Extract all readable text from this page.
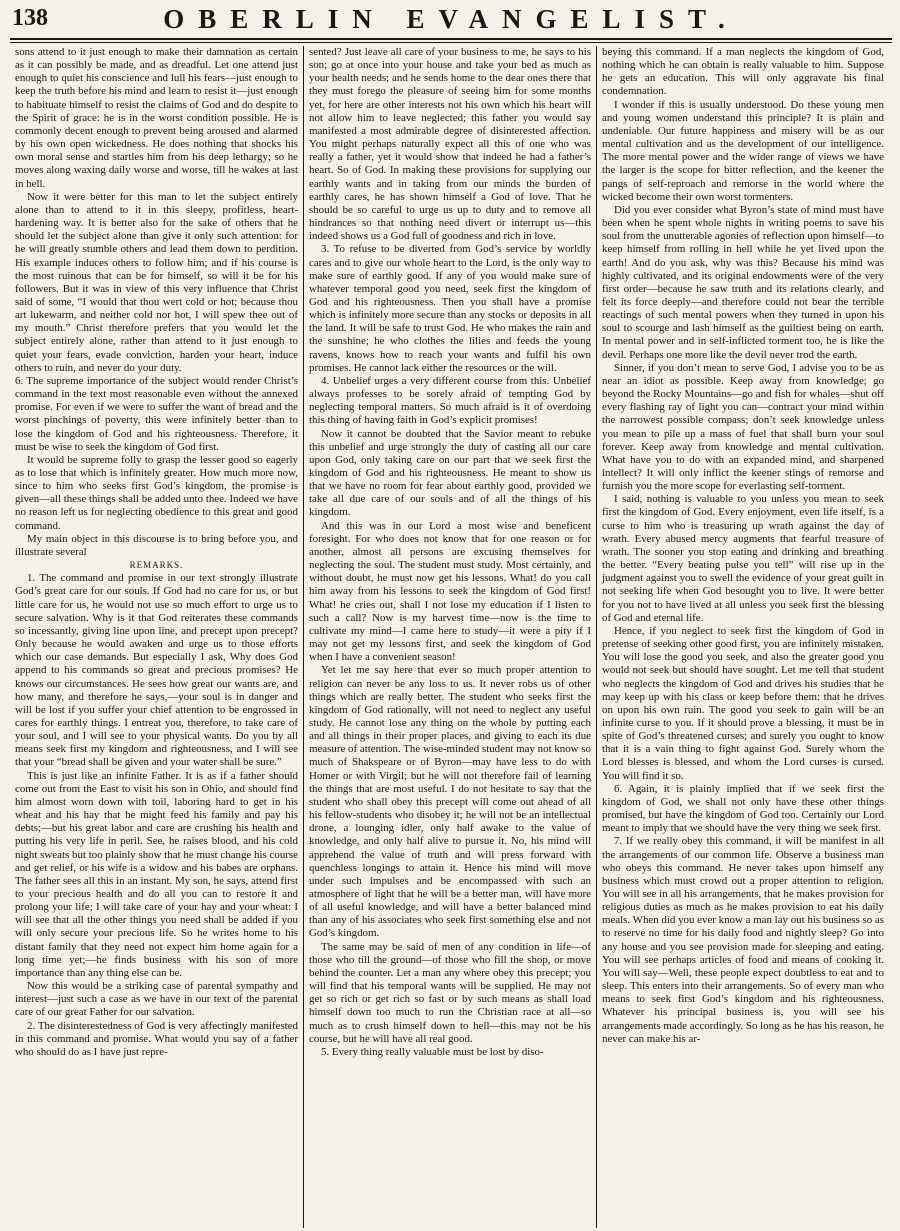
138	OBERLIN EVANGELIST.

sons attend to it just enough to make their damnation as certain as it can possibly be made, and as dreadful. Let one attend just enough to quiet his conscience and lull his fears—just enough to keep the truth before his mind and learn to resist it—just enough to habituate himself to resist the claims of God and do despite to the Spirit of grace: he is in the worst condition possible. He is commonly decent enough to prevent being aroused and alarmed by his own open wickedness. He does nothing that shocks his own moral sense and startles him from his deep lethargy; so he moves along waxing daily worse and worse, till he wakes at last in hell.

Now it were better for this man to let the subject entirely alone than to attend to it in this sleepy, profitless, heart-hardening way. It is better also for the sake of others that he should let the subject alone than give it only such attention: for he will greatly stumble others and lead them down to perdition. His example induces others to follow him; and if his course is the most ruinous that can be for himself, so will it be for his followers. But it was in view of this very influence that Christ said of some, “I would that thou wert cold or hot; because thou art lukewarm, and neither cold nor hot, I will spew thee out of my mouth.” Christ therefore prefers that you would let the subject entirely alone, rather than attend to it just enough to quiet your fears, evade conviction, harden your heart, induce others to ruin, and never do your duty.

6. The supreme importance of the subject would render Christ’s command in the text most reasonable even without the annexed promise. For even if we were to suffer the want of bread and the worst pinchings of poverty, this were infinitely better than to lose the kingdom of God and his righteousness. Therefore, it must be wise to seek the kingdom of God first.

It would be supreme folly to grasp the lesser good so eagerly as to lose that which is infinitely greater. How much more now, since to him who seeks first God’s kingdom, the promise is given—all these things shall be added unto thee. Indeed we have no reason left us for neglecting obedience to this great and good command.

My main object in this discourse is to bring before you, and illustrate several

REMARKS.

1. The command and promise in our text strongly illustrate God’s great care for our souls. If God had no care for us, or but little care for us, he would not use so much effort to urge us to secure salvation. Why is it that God reiterates these commands so incessantly, giving line upon line, and precept upon precept? Only because he would awaken and urge us to those efforts which our case demands. But especially I ask, Why does God append to his commands so great and precious promises? He knows our circumstances. He sees how great our wants are, and how many, and therefore he says,—your soul is in danger and will be lost if you suffer your chief attention to be engrossed in cares for earthly things. I entreat you, therefore, to take care of your soul, and I will see to your physical wants. Do you by all means seek first my kingdom and righteousness, and I will see that your “bread shall be given and your water shall be sure.”

This is just like an infinite Father. It is as if a father should come out from the East to visit his son in Ohio, and should find him almost worn down with toil, laboring hard to get in his wheat and his hay that he might feed his family and pay his debts;—but his great labor and care are crushing his health and putting his very life in peril. See, he raises blood, and his cold night sweats but too plainly show that he must change his course and get relief, or his wife is a widow and his babes are orphans. The father sees all this in an instant. My son, he says, attend first to your precious health and do all you can to restore it and prolong your life; I will take care of your hay and your wheat: I will see that all the other things you need shall be added if you will only secure your precious life. So he writes home to his distant family that they need not expect him home again for a long time yet;—he finds business with his son of more importance than any thing else can be.

Now this would be a striking case of parental sympathy and interest—just such a case as we have in our text of the parental care of our great Father for our salvation.

2. The disinterestedness of God is very affectingly manifested in this command and promise. What would you say of a father who should do as I have just repre-

sented? Just leave all care of your business to me, he says to his son; go at once into your house and take your bed as much as your health needs; and he sends home to the dear ones there that they must forego the pleasure of seeing him for some months yet, for here are other interests not his own which his heart will not allow him to leave neglected; this father you would say manifested a most admirable degree of disinterested affection. You might perhaps naturally expect all this of one who was really a father, yet it would show that indeed he had a father’s heart. So of God. In making these provisions for supplying our earthly wants and in taking from our minds the burden of earthly cares, he has shown himself a God of love. That he should be so careful to urge us up to duty and to remove all hindrances so that nothing need divert or interrupt us—this indeed shows us a God full of goodness and rich in love.

3. To refuse to be diverted from God’s service by worldly cares and to give our whole heart to the Lord, is the only way to make sure of earthly good. If any of you would make sure of whatever temporal good you need, seek first the kingdom of God and his righteousness. Then you shall have a promise which is infinitely more secure than any stocks or deposits in all the land. It will be safe to trust God. He who makes the rain and the sunshine; he who clothes the lilies and feeds the young ravens, knows how to reach your wants and fulfil his own promises. He cannot lack either the resources or the will.

4. Unbelief urges a very different course from this. Unbelief always professes to be sorely afraid of tempting God by neglecting temporal matters. So much afraid is it of overdoing this thing of having faith in God’s explicit promises!

Now it cannot be doubted that the Savior meant to rebuke this unbelief and urge strongly the duty of casting all our care upon God, only taking care on our part that we seek first the kingdom of God and his righteousness. He meant to show us that we have no room for fear about earthly good, provided we take all due care of our souls and of all the things of his kingdom.

And this was in our Lord a most wise and beneficent foresight. For who does not know that for one reason or for another, almost all persons are excusing themselves for neglecting the soul. The student must study. Most certainly, and without doubt, he must now get his lessons. What! do you call him away from his lessons to seek the kingdom of God first! What! he cries out, shall I not lose my education if I listen to such a call? Now is my harvest time—now is the time to cultivate my mind—I came here to study—it were a pity if I may not get my lessons first, and seek the kingdom of God when I have a convenient season!

Yet let me say here that ever so much proper attention to religion can never be any loss to us. It never robs us of other things which are really better. The student who seeks first the kingdom of God rationally, will not need to neglect any useful study. He cannot lose any thing on the whole by putting each and all things in their proper places, and giving to each its due measure of attention. The wise-minded student may not know so much of Shakspeare or of Byron—may have less to do with Homer or with Virgil; but he will not therefore fail of learning the things that are most useful. I do not hesitate to say that the student who shall obey this precept will come out ahead of all his fellow-students who disobey it; he will not be an intellectual drone, a lounging idler, only half awake to the value of knowledge, and only half alive to pursue it. No, his mind will apprehend the value of truth and will press forward with quenchless longings to attain it. Hence his mind will move under such impulses and be encompassed with such an atmosphere of light that he will be a better man, will have more of all useful knowledge, and will have a better balanced mind than any of his associates who seek first something else and not God’s kingdom.

The same may be said of men of any condition in life—of those who till the ground—of those who fill the shop, or move behind the counter. Let a man any where obey this precept; you will find that his temporal wants will be supplied. He may not get so rich or get rich so fast or by such means as shall load himself down too much to run the Christian race at all—so much as to crush himself down to hell—this may not be his course, but he will have all real good.

5. Every thing really valuable must be lost by diso-

beying this command. If a man neglects the kingdom of God, nothing which he can obtain is really valuable to him. Suppose he gets an education. This will only aggravate his final condemnation.

I wonder if this is usually understood. Do these young men and young women understand this principle? It is plain and undeniable. Our future happiness and misery will be as our mental cultivation and as the development of our intelligence. The more mental power and the wider range of views we have the larger is the scope for bitter reflection, and the keener the pangs of self-reproach and remorse in the world where the wicked become their own worst tormenters.

Did you ever consider what Byron’s state of mind must have been when he spent whole nights in writing poems to save his soul from the unutterable agonies of reflection upon himself—to keep himself from rolling in hell while he yet lived upon the earth! And do you ask, why was this? Because his mind was highly cultivated, and its original endowments were of the very first order—because he saw truth and its relations clearly, and felt its force deeply—and therefore could not bear the terrible reactings of such mental powers when they turned in upon his soul to scourge and lash himself as the guiltiest being on earth. In mental power and in self-inflicted torment too, he is like the devil. Perhaps one more like the devil never trod the earth.

Sinner, if you don’t mean to serve God, I advise you to be as near an idiot as possible. Keep away from knowledge; go beyond the Rocky Mountains—go and fish for whales—shut off every flashing ray of light you can—contract your mind within the narrowest possible compass; don’t seek knowledge unless you mean to pile up a mass of fuel that shall burn your soul forever. Keep away from knowledge and mental cultivation. What have you to do with an expanded mind, and sharpened intellect? It will only inflict the keener stings of remorse and furnish you the more scope for everlasting self-torment.

I said, nothing is valuable to you unless you mean to seek first the kingdom of God. Every enjoyment, even life itself, is a curse to him who is treasuring up wrath against the day of wrath. Every abused mercy augments that fearful treasure of wrath. The sooner you stop eating and drinking and breathing the better. “Every beating pulse you tell” will rise up in the judgment against you to swell the evidence of your great guilt in not seeking life when God besought you to live. It were better for you not to have lived at all unless you seek first the blessing of God and eternal life.

Hence, if you neglect to seek first the kingdom of God in pretense of seeking other good first, you are infinitely mistaken. You will lose the good you seek, and also the greater good you would not seek but should have sought. Let me tell that student who neglects the kingdom of God and drives his studies that he may keep up with his class or keep before them: that he drives on upon his own ruin. The good you seek to gain will be an infinite curse to you. If it should prove a blessing, it must be in spite of God’s threatened curses; and surely you ought to know that it is a vain thing to fight against God. Surely whom the Lord blesses is blessed, and whom the Lord curses is cursed. You will find it so.

6. Again, it is plainly implied that if we seek first the kingdom of God, we shall not only have these other things promised, but have the kingdom of God too. Certainly our Lord meant to imply that we should have the very thing we seek first.

7. If we really obey this command, it will be manifest in all the arrangements of our common life. Observe a business man who obeys this command. He never takes upon himself any business which must crowd out a proper attention to religion. You will see in all his arrangements, that he makes provision for religious duties as much as he makes provision to eat his daily meals. When did you ever know a man lay out his business so as to reserve no time for his daily food and nightly sleep? Go into any house and you see provision made for sleeping and eating. You will see perhaps articles of food and means of cooking it. You will say—Well, these people expect doubtless to eat and to sleep. This enters into their arrangements. So of every man who means to seek first God’s kingdom and his righteousness. Whatever his principal business is, you will see his arrangements made accordingly. So long as he has his reason, he never can make his ar-
